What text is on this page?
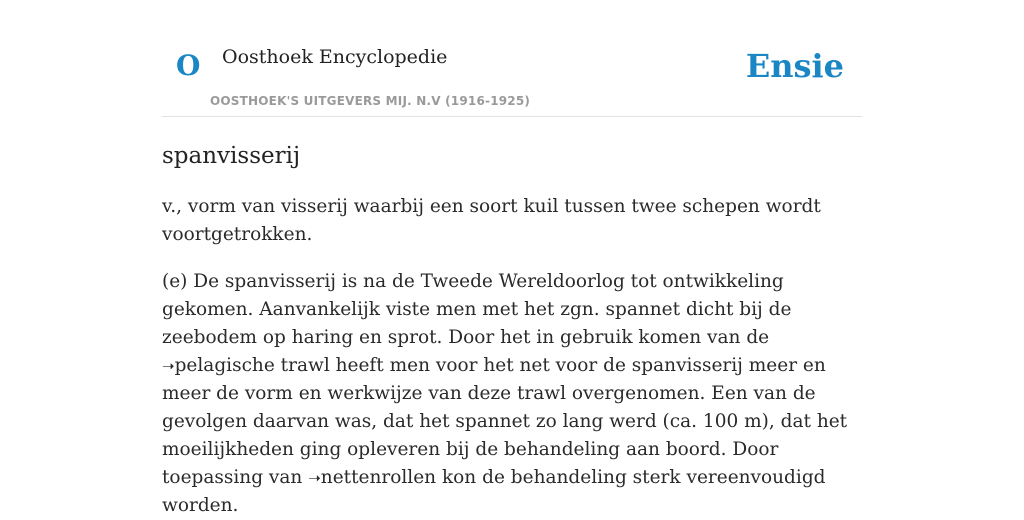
O Oosthoek Encyclopedie
OOSTHOEK'S UITGEVERS MIJ. N.V (1916-1925)
Ensie
spanvisserij

v., vorm van visserij waarbij een soort kuil tussen twee schepen wordt voortgetrokken.

(e) De spanvisserij is na de Tweede Wereldoorlog tot ontwikkeling gekomen. Aanvankelijk viste men met het zgn. spannet dicht bij de zeebodem op haring en sprot. Door het in gebruik komen van de ➝pelagische trawl heeft men voor het net voor de spanvisserij meer en meer de vorm en werkwijze van deze trawl overgenomen. Een van de gevolgen daarvan was, dat het spannet zo lang werd (ca. 100 m), dat het moeilijkheden ging opleveren bij de behandeling aan boord. Door toepassing van ➝nettenrollen kon de behandeling sterk vereenvoudigd worden.
